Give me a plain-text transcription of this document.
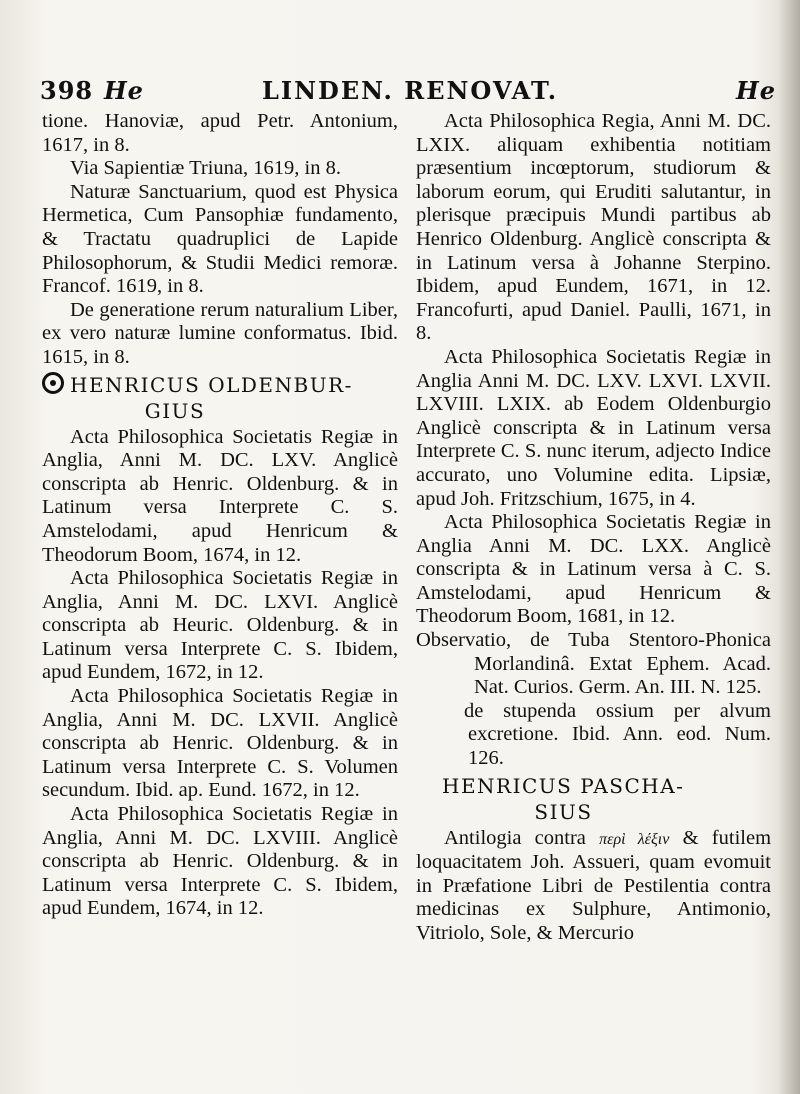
398 He	LINDEN. RENOVAT.	He

tione. Hanoviæ, apud Petr. Antonium, 1617, in 8.

Via Sapientiæ Triuna, 1619, in 8.

Naturæ Sanctuarium, quod est Physica Hermetica, Cum Pansophiæ fundamento, & Tractatu quadruplici de Lapide Philosophorum, & Studii Medici remoræ. Francof. 1619, in 8.

De generatione rerum naturalium Liber, ex vero naturæ lumine conformatus. Ibid. 1615, in 8.

HENRICUS OLDENBUR-
GIUS

Acta Philosophica Societatis Regiæ in Anglia, Anni M. DC. LXV. Anglicè conscripta ab Henric. Oldenburg. & in Latinum versa Interprete C. S. Amstelodami, apud Henricum & Theodorum Boom, 1674, in 12.

Acta Philosophica Societatis Regiæ in Anglia, Anni M. DC. LXVI. Anglicè conscripta ab Heuric. Oldenburg. & in Latinum versa Interprete C. S. Ibidem, apud Eundem, 1672, in 12.

Acta Philosophica Societatis Regiæ in Anglia, Anni M. DC. LXVII. Anglicè conscripta ab Henric. Oldenburg. & in Latinum versa Interprete C. S. Volumen secundum. Ibid. ap. Eund. 1672, in 12.

Acta Philosophica Societatis Regiæ in Anglia, Anni M. DC. LXVIII. Anglicè conscripta ab Henric. Oldenburg. & in Latinum versa Interprete C. S. Ibidem, apud Eundem, 1674, in 12.

Acta Philosophica Regia, Anni M. DC. LXIX. aliquam exhibentia notitiam præsentium incœptorum, studiorum & laborum eorum, qui Eruditi salutantur, in plerisque præcipuis Mundi partibus ab Henrico Oldenburg. Anglicè conscripta & in Latinum versa à Johanne Sterpino. Ibidem, apud Eundem, 1671, in 12. Francofurti, apud Daniel. Paulli, 1671, in 8.

Acta Philosophica Societatis Regiæ in Anglia Anni M. DC. LXV. LXVI. LXVII. LXVIII. LXIX. ab Eodem Oldenburgio Anglicè conscripta & in Latinum versa Interprete C. S. nunc iterum, adjecto Indice accurato, uno Volumine edita. Lipsiæ, apud Joh. Fritzschium, 1675, in 4.

Acta Philosophica Societatis Regiæ in Anglia Anni M. DC. LXX. Anglicè conscripta & in Latinum versa à C. S. Amstelodami, apud Henricum & Theodorum Boom, 1681, in 12.

Observatio, de Tuba Stentoro-Phonica Morlandinâ. Extat Ephem. Acad. Nat. Curios. Germ. An. III. N. 125.

de stupenda ossium per alvum excretione. Ibid. Ann. eod. Num. 126.

HENRICUS PASCHA-
SIUS

Antilogia contra περὶ λέξιν & futilem loquacitatem Joh. Assueri, quam evomuit in Præfatione Libri de Pestilentia contra medicinas ex Sulphure, Antimonio, Vitriolo, Sole, & Mercurio
